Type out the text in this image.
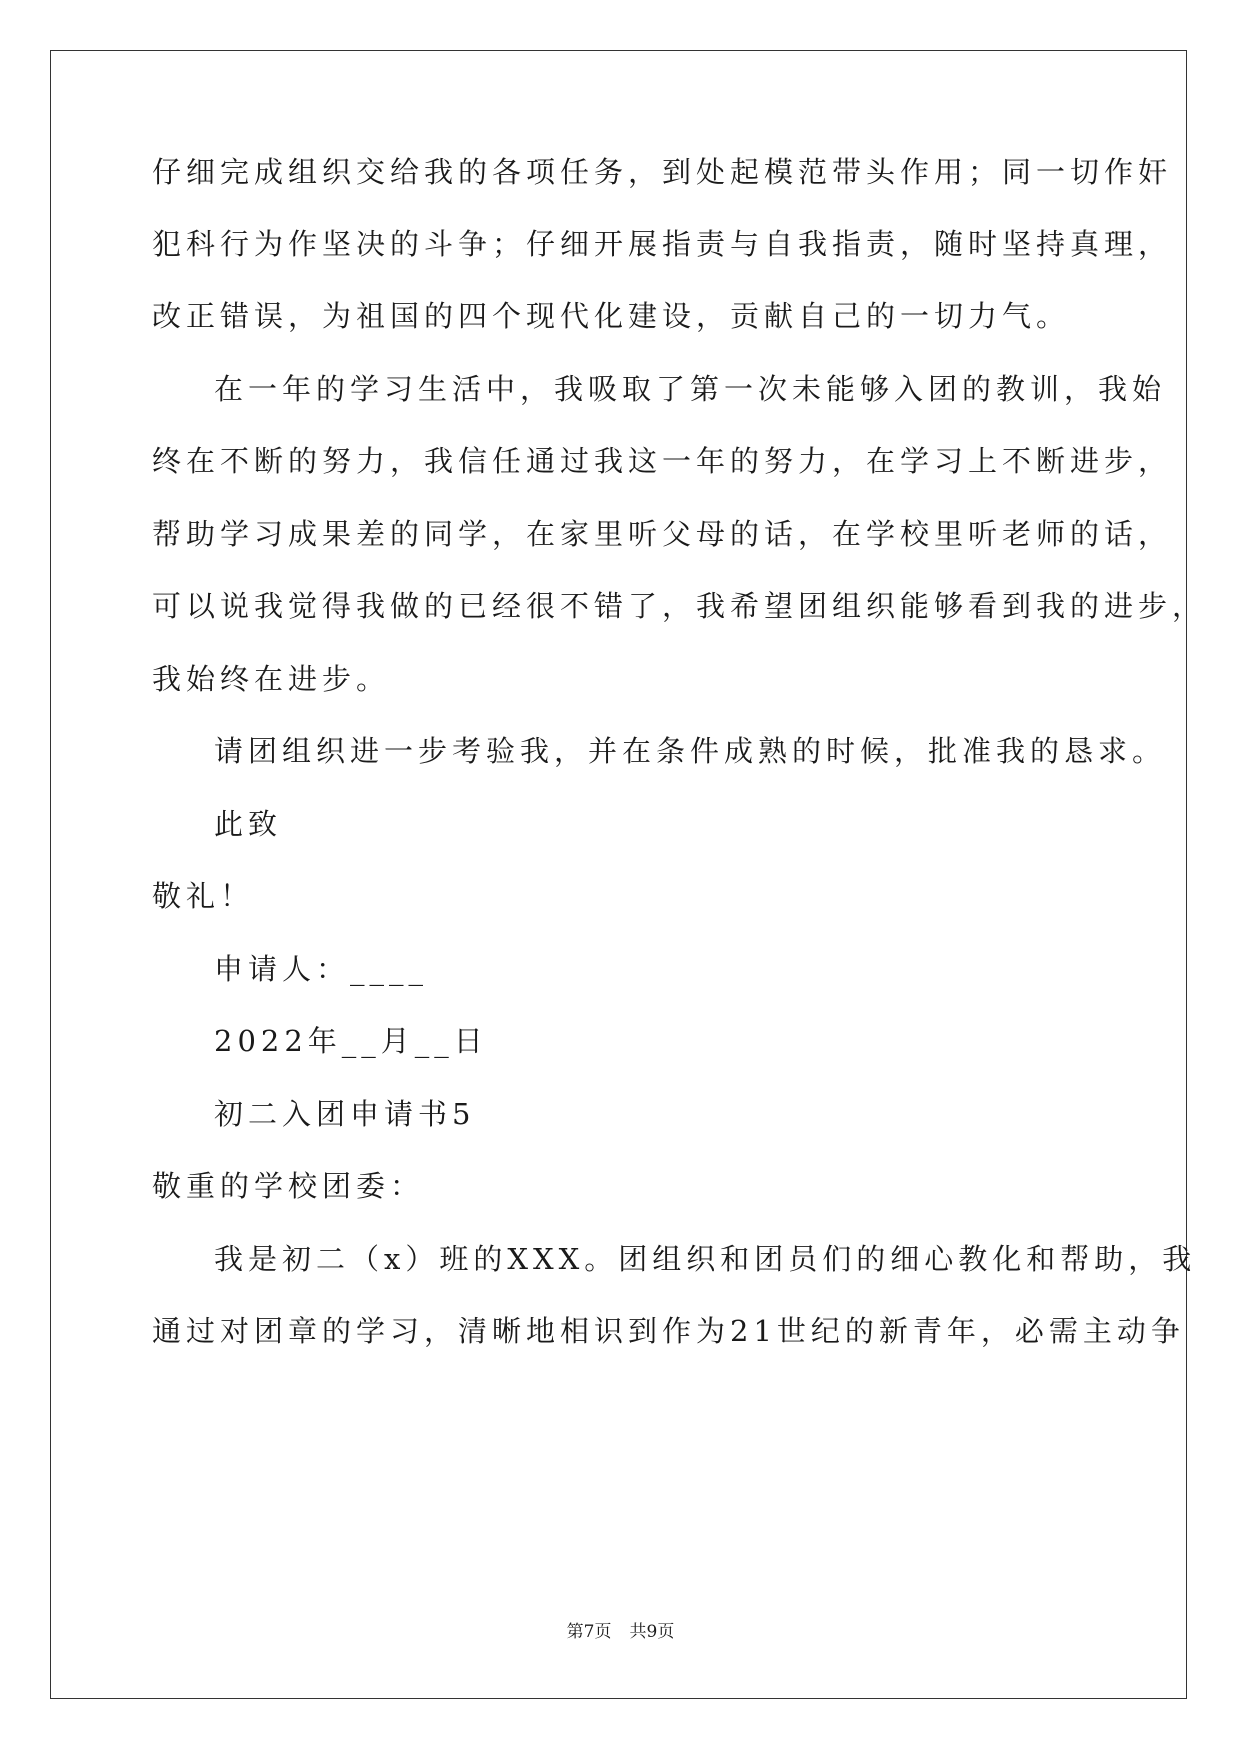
仔细完成组织交给我的各项任务，到处起模范带头作用；同一切作奸
犯科行为作坚决的斗争；仔细开展指责与自我指责，随时坚持真理，
改正错误，为祖国的四个现代化建设，贡献自己的一切力气。
在一年的学习生活中，我吸取了第一次未能够入团的教训，我始
终在不断的努力，我信任通过我这一年的努力，在学习上不断进步，
帮助学习成果差的同学，在家里听父母的话，在学校里听老师的话，
可以说我觉得我做的已经很不错了，我希望团组织能够看到我的进步，
我始终在进步。
请团组织进一步考验我，并在条件成熟的时候，批准我的恳求。
此致
敬礼！
申请人：____
2022年__月__日
初二入团申请书5
敬重的学校团委：
我是初二（x）班的XXX。团组织和团员们的细心教化和帮助，我
通过对团章的学习，清晰地相识到作为21世纪的新青年，必需主动争
第7页 共9页
